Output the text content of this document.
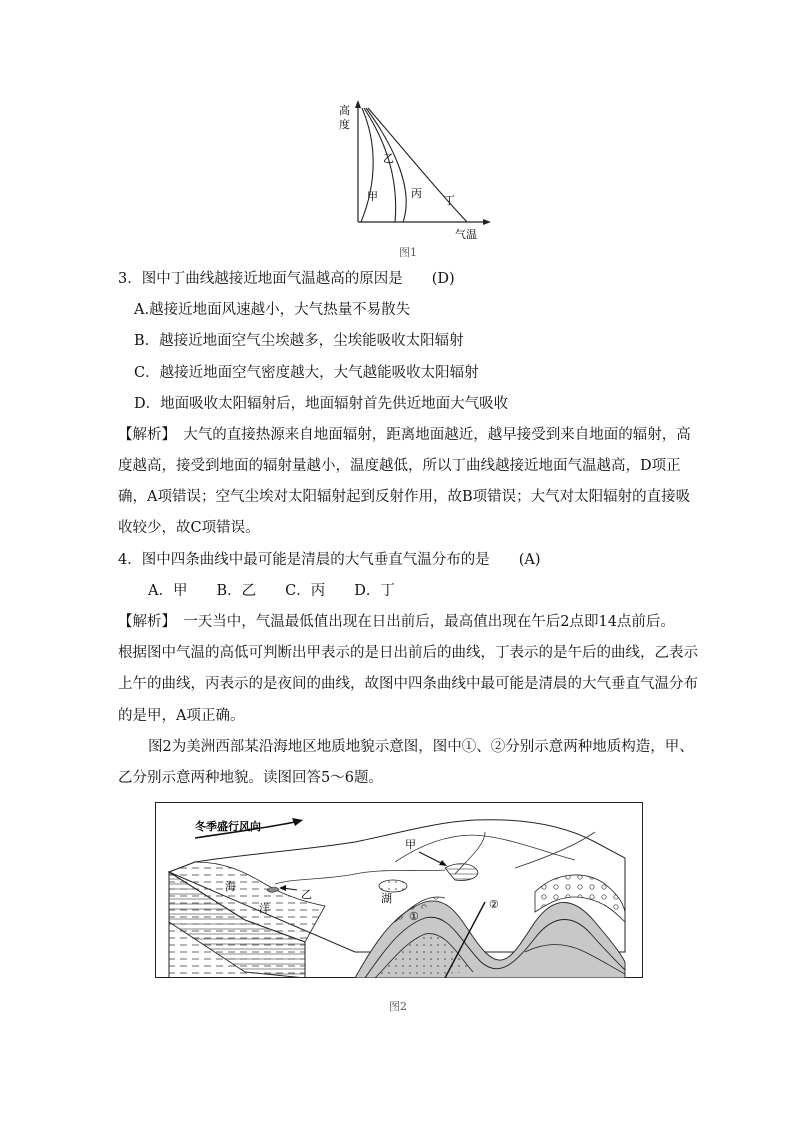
高
度
气温
甲
乙
丙
丁
图1
3．图中丁曲线越接近地面气温越高的原因是　　(D)
A.越接近地面风速越小，大气热量不易散失
B．越接近地面空气尘埃越多，尘埃能吸收太阳辐射
C．越接近地面空气密度越大，大气越能吸收太阳辐射
D．地面吸收太阳辐射后，地面辐射首先供近地面大气吸收
【解析】　大气的直接热源来自地面辐射，距离地面越近，越早接受到来自地面的辐射，高
度越高，接受到地面的辐射量越小，温度越低，所以丁曲线越接近地面气温越高，D项正
确，A项错误；空气尘埃对太阳辐射起到反射作用，故B项错误；大气对太阳辐射的直接吸
收较少，故C项错误。
4．图中四条曲线中最可能是清晨的大气垂直气温分布的是　　(A)
A．甲　　B．乙　　C．丙　　D．丁
【解析】　一天当中，气温最低值出现在日出前后，最高值出现在午后2点即14点前后。
根据图中气温的高低可判断出甲表示的是日出前后的曲线，丁表示的是午后的曲线，乙表示
上午的曲线，丙表示的是夜间的曲线，故图中四条曲线中最可能是清晨的大气垂直气温分布
的是甲，A项正确。
图2为美洲西部某沿海地区地质地貌示意图，图中①、②分别示意两种地质构造，甲、
乙分别示意两种地貌。读图回答5～6题。
冬季盛行风向
甲
乙
海
洋
湖
①
②
图2
